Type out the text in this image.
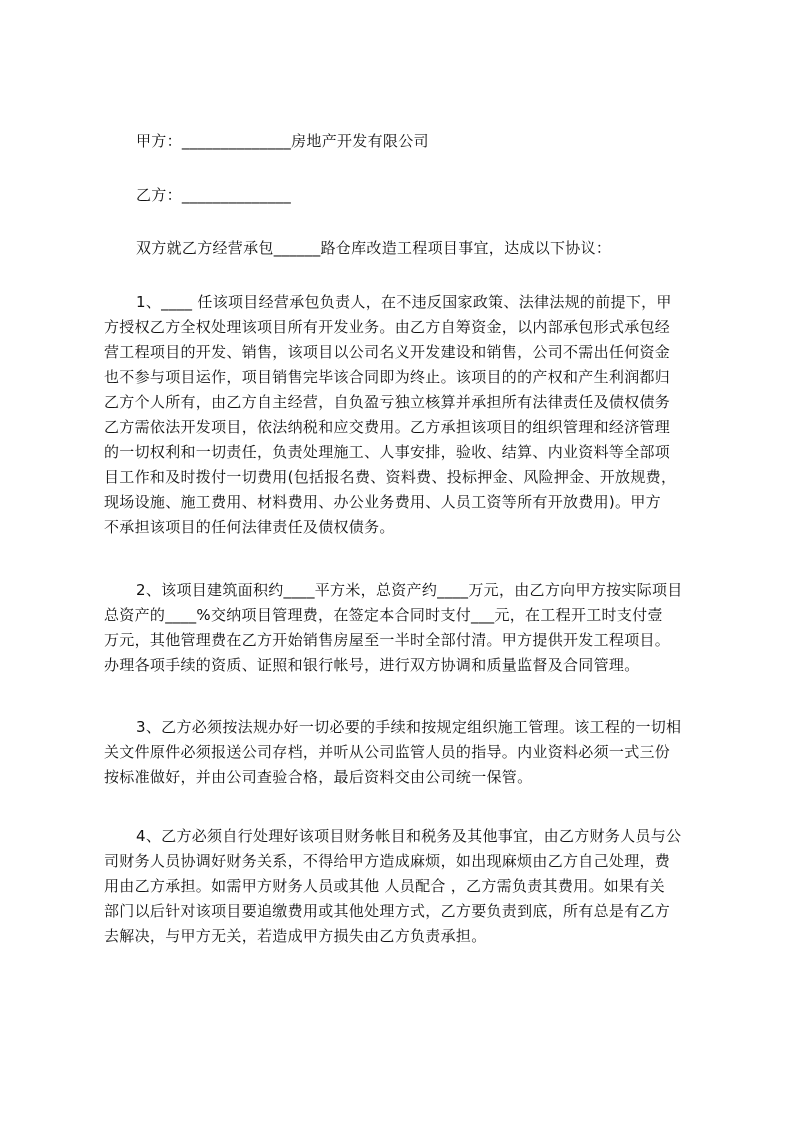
甲方：______________房地产开发有限公司

乙方：______________

双方就乙方经营承包______路仓库改造工程项目事宜，达成以下协议：

1、____ 任该项目经营承包负责人，在不违反国家政策、法律法规的前提下，甲

方授权乙方全权处理该项目所有开发业务。由乙方自筹资金，以内部承包形式承包经

营工程项目的开发、销售，该项目以公司名义开发建设和销售，公司不需出任何资金

也不参与项目运作，项目销售完毕该合同即为终止。该项目的的产权和产生利润都归

乙方个人所有，由乙方自主经营，自负盈亏独立核算并承担所有法律责任及债权债务

乙方需依法开发项目，依法纳税和应交费用。乙方承担该项目的组织管理和经济管理

的一切权利和一切责任，负责处理施工、人事安排，验收、结算、内业资料等全部项

目工作和及时拨付一切费用(包括报名费、资料费、投标押金、风险押金、开放规费，

现场设施、施工费用、材料费用、办公业务费用、人员工资等所有开放费用)。甲方

不承担该项目的任何法律责任及债权债务。

2、该项目建筑面积约____平方米，总资产约____万元，由乙方向甲方按实际项目

总资产的____%交纳项目管理费，在签定本合同时支付___元，在工程开工时支付壹

万元，其他管理费在乙方开始销售房屋至一半时全部付清。甲方提供开发工程项目。

办理各项手续的资质、证照和银行帐号，进行双方协调和质量监督及合同管理。

3、乙方必须按法规办好一切必要的手续和按规定组织施工管理。该工程的一切相

关文件原件必须报送公司存档，并听从公司监管人员的指导。内业资料必须一式三份

按标准做好，并由公司查验合格，最后资料交由公司统一保管。

4、乙方必须自行处理好该项目财务帐目和税务及其他事宜，由乙方财务人员与公

司财务人员协调好财务关系，不得给甲方造成麻烦，如出现麻烦由乙方自己处理，费

用由乙方承担。如需甲方财务人员或其他 人员配合 ，乙方需负责其费用。如果有关

部门以后针对该项目要追缴费用或其他处理方式，乙方要负责到底，所有总是有乙方

去解决，与甲方无关，若造成甲方损失由乙方负责承担。
